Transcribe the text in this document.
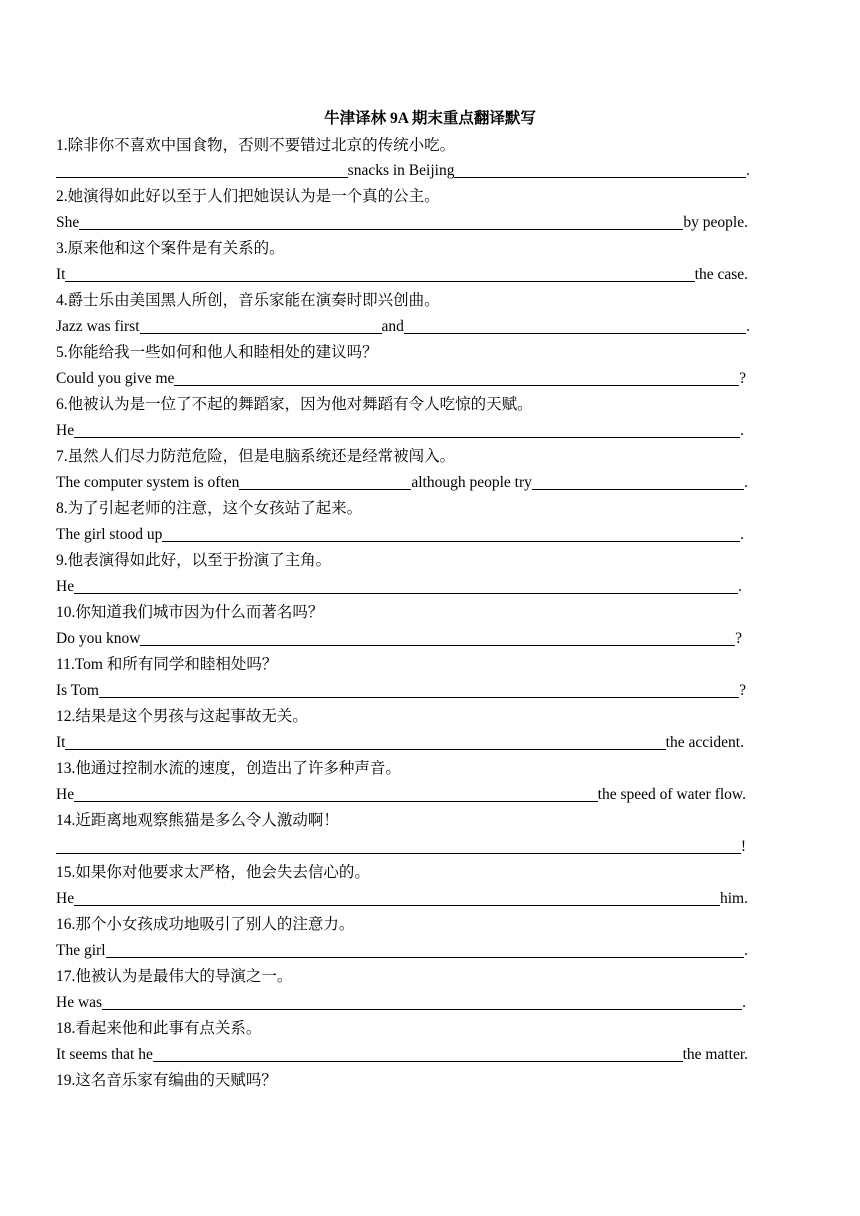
牛津译林 9A 期末重点翻译默写
1.除非你不喜欢中国食物，否则不要错过北京的传统小吃。
snacks in Beijing	.
2.她演得如此好以至于人们把她误认为是一个真的公主。
She	by people.
3.原来他和这个案件是有关系的。
It	the case.
4.爵士乐由美国黑人所创，音乐家能在演奏时即兴创曲。
Jazz was first	and	.
5.你能给我一些如何和他人和睦相处的建议吗？
Could you give me	?
6.他被认为是一位了不起的舞蹈家，因为他对舞蹈有令人吃惊的天赋。
He	.
7.虽然人们尽力防范危险，但是电脑系统还是经常被闯入。
The computer system is often	although people try	.
8.为了引起老师的注意，这个女孩站了起来。
The girl stood up	.
9.他表演得如此好，以至于扮演了主角。
He	.
10.你知道我们城市因为什么而著名吗？
Do you know	?
11.Tom 和所有同学和睦相处吗？
Is Tom	?
12.结果是这个男孩与这起事故无关。
It	the accident.
13.他通过控制水流的速度，创造出了许多种声音。
He	the speed of water flow.
14.近距离地观察熊猫是多么令人激动啊！
!
15.如果你对他要求太严格，他会失去信心的。
He	him.
16.那个小女孩成功地吸引了别人的注意力。
The girl	.
17.他被认为是最伟大的导演之一。
He was	.
18.看起来他和此事有点关系。
It seems that he	the matter.
19.这名音乐家有编曲的天赋吗？
